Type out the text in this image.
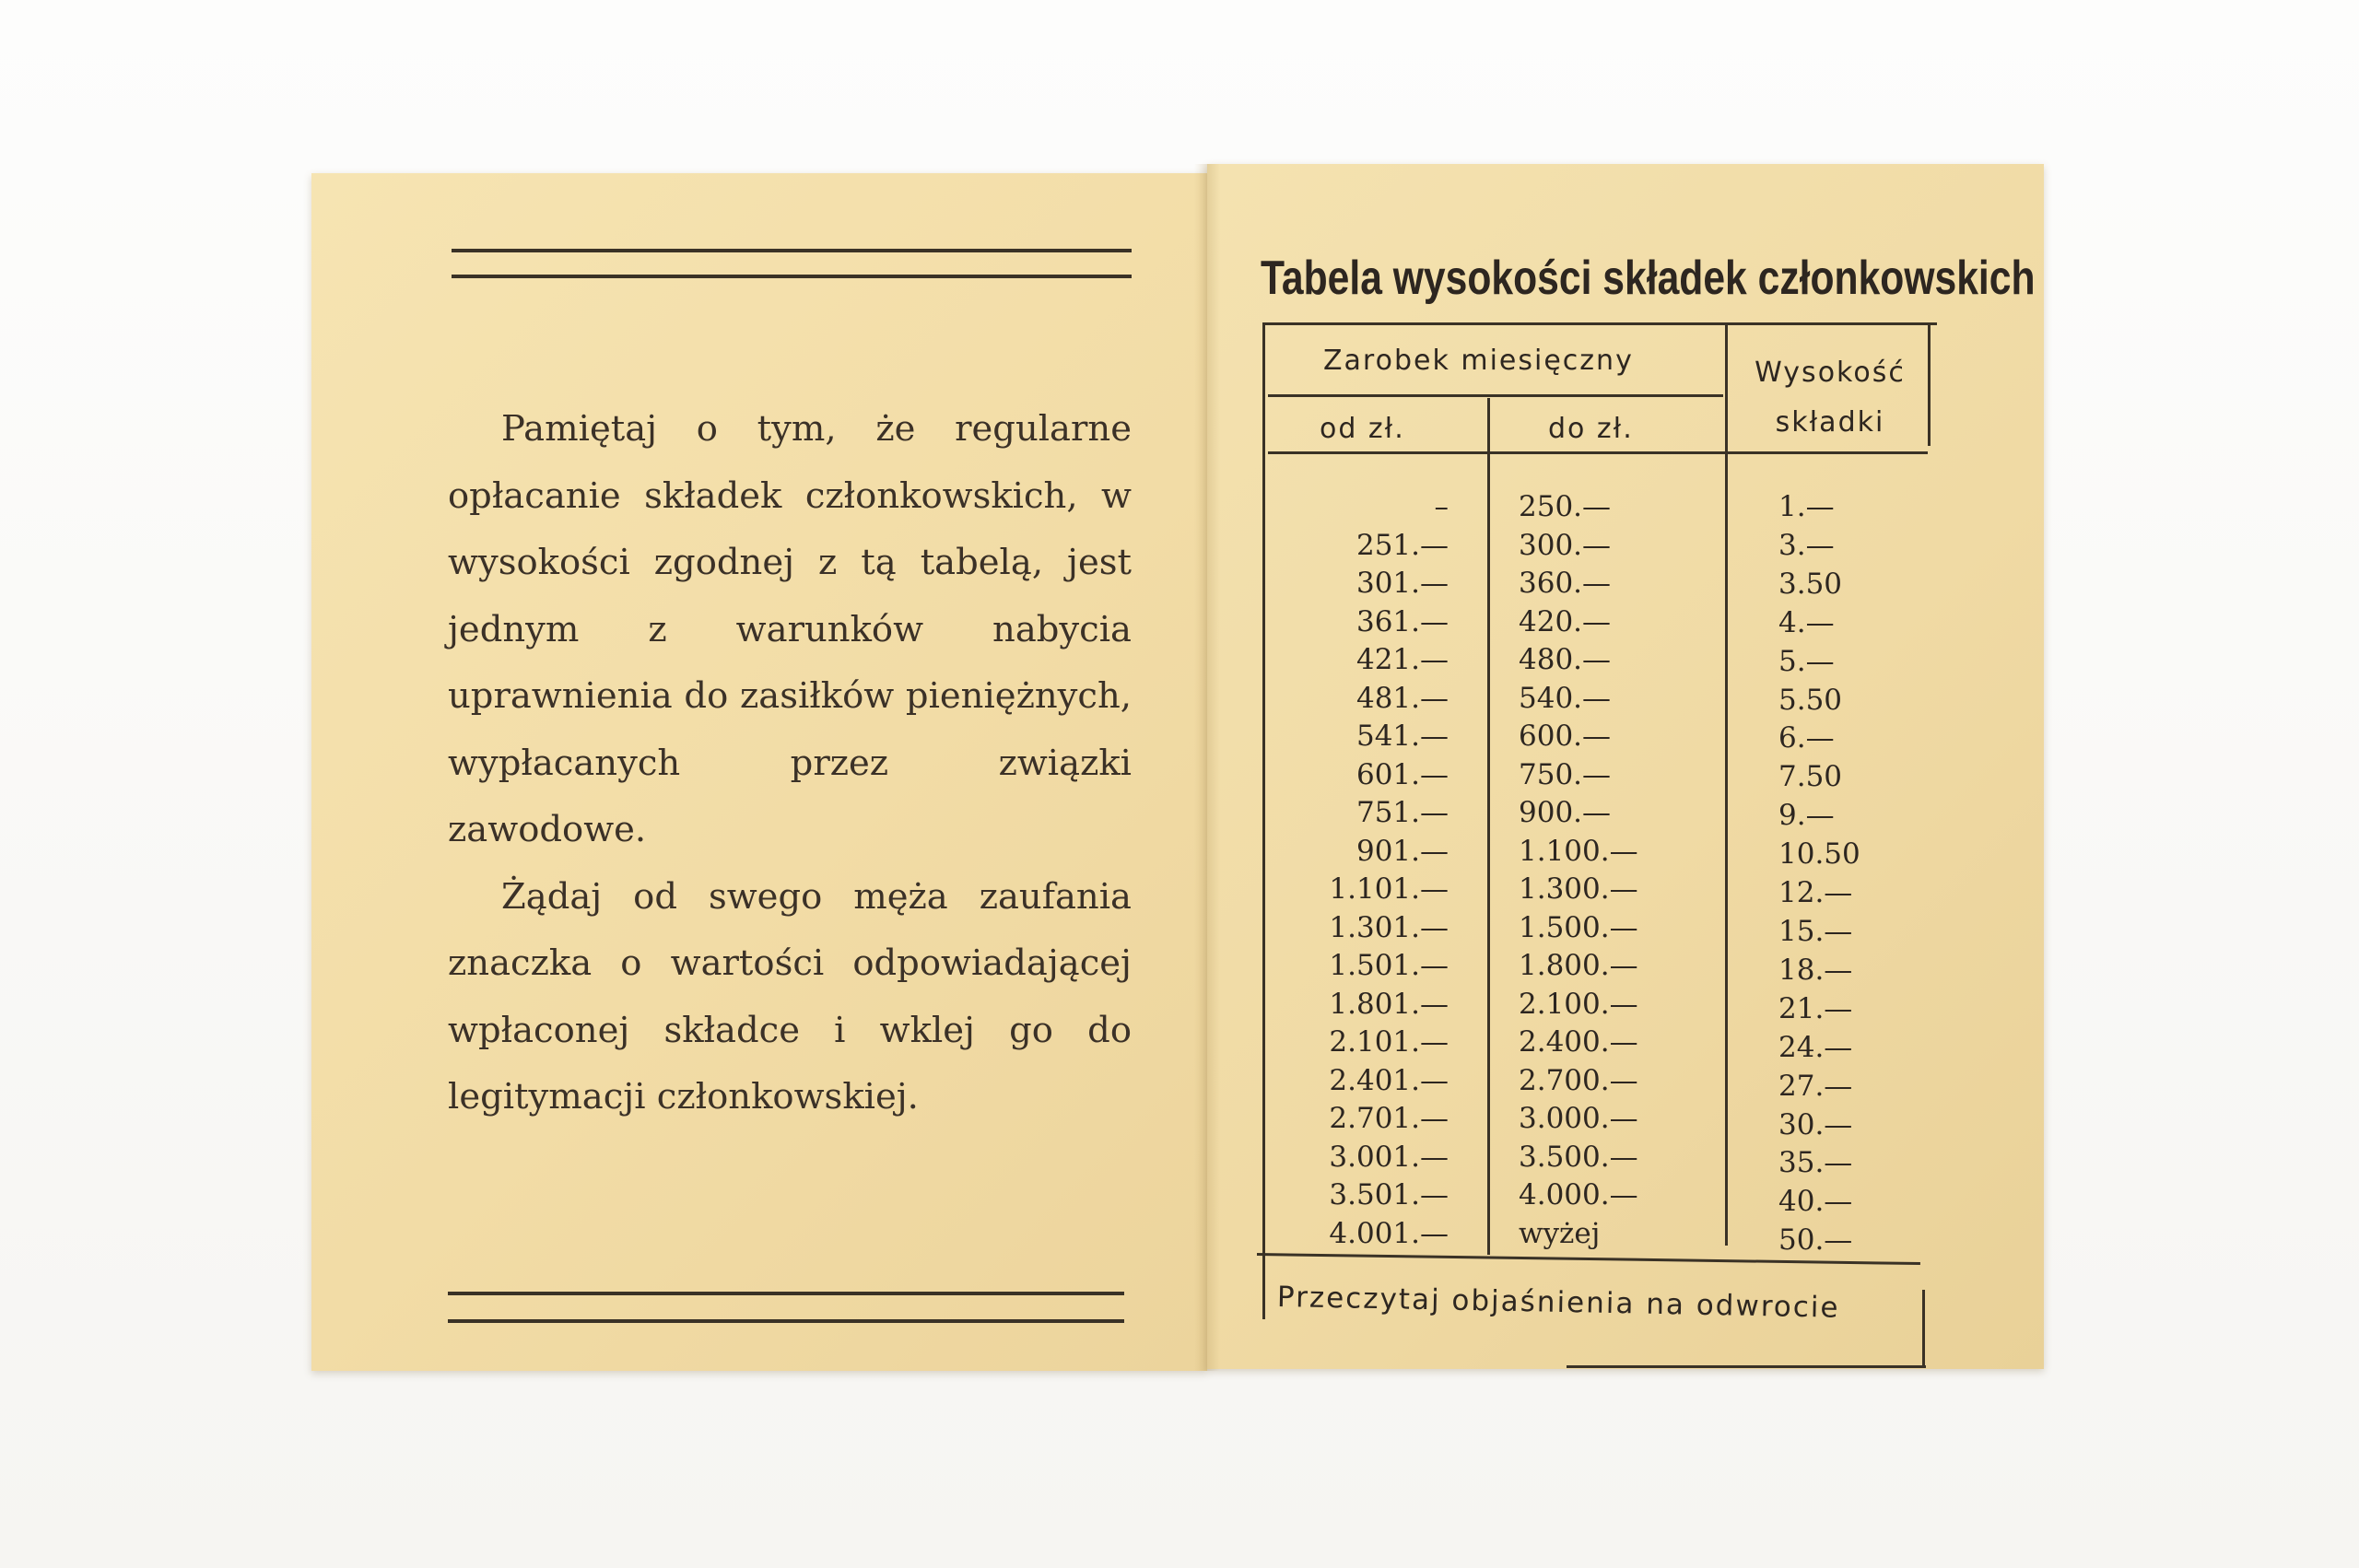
Pamiętaj o tym, że regularne opłacanie składek członkowskich, w wysokości zgodnej z tą tabelą, jest jednym z warunków nabycia uprawnienia do zasiłków pieniężnych, wypłacanych przez związki zawodowe.

Żądaj od swego męża zaufania znaczka o wartości odpowiadającej wpłaconej składce i wklej go do legitymacji członkowskiej.

Tabela wysokości składek członkowskich
Zarobek miesięczny
od zł.	do zł.
Wysokość składki
–
251.—
301.—
361.—
421.—
481.—
541.—
601.—
751.—
901.—
1.101.—
1.301.—
1.501.—
1.801.—
2.101.—
2.401.—
2.701.—
3.001.—
3.501.—
4.001.—
250.—
300.—
360.—
420.—
480.—
540.—
600.—
750.—
900.—
1.100.—
1.300.—
1.500.—
1.800.—
2.100.—
2.400.—
2.700.—
3.000.—
3.500.—
4.000.—
wyżej
1.—
3.—
3.50
4.—
5.—
5.50
6.—
7.50
9.—
10.50
12.—
15.—
18.—
21.—
24.—
27.—
30.—
35.—
40.—
50.—
Przeczytaj objaśnienia na odwrocie
